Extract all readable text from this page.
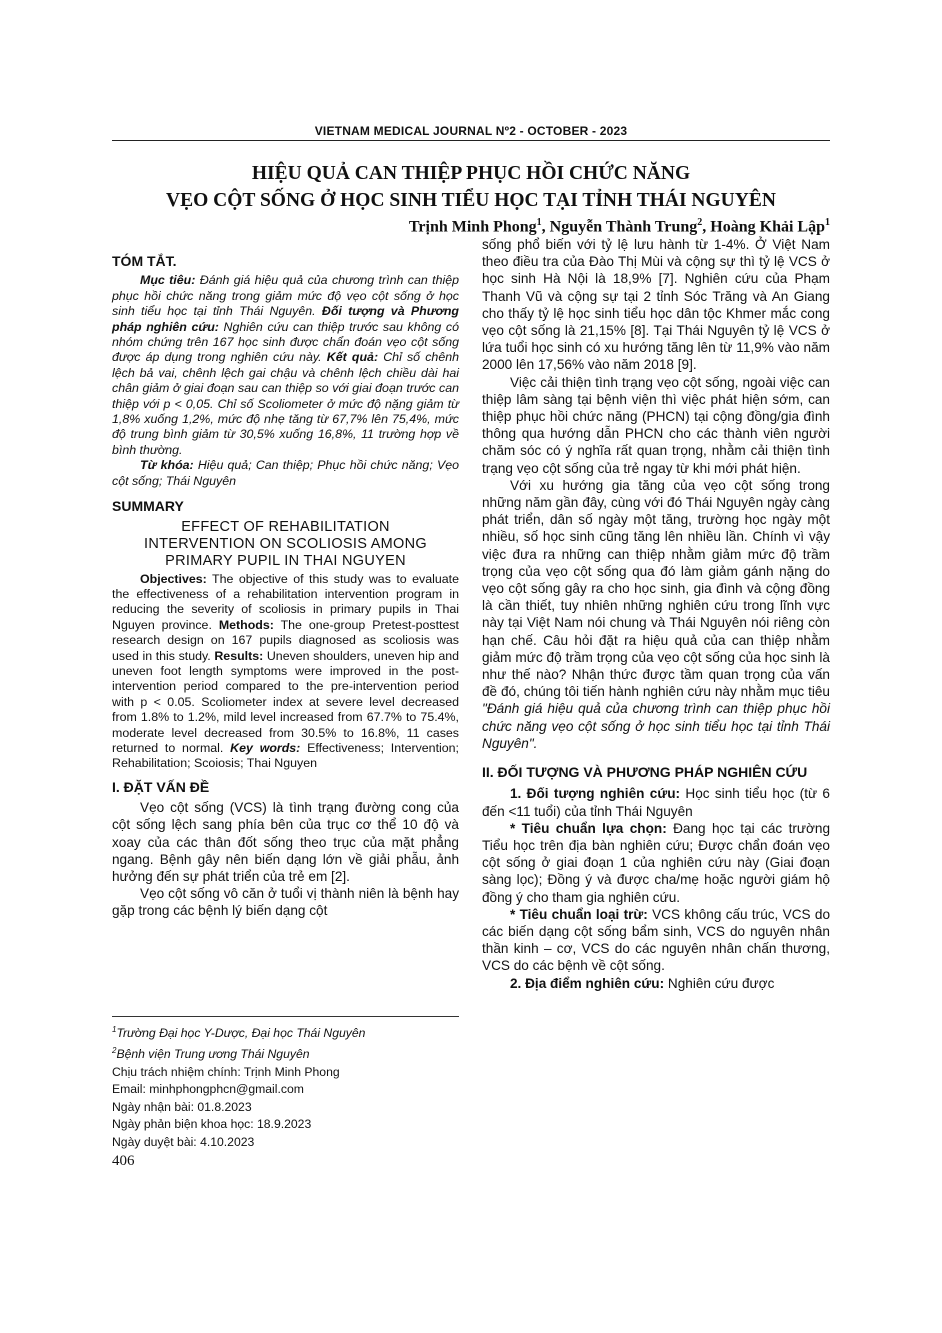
VIETNAM MEDICAL JOURNAL Nº2 - OCTOBER - 2023
HIỆU QUẢ CAN THIỆP PHỤC HỒI CHỨC NĂNG
VẸO CỘT SỐNG Ở HỌC SINH TIỂU HỌC TẠI TỈNH THÁI NGUYÊN
Trịnh Minh Phong$^1$, Nguyễn Thành Trung$^2$, Hoàng Khải Lập$^1$
TÓM TẮT.

Mục tiêu: Đánh giá hiệu quả của chương trình can thiệp phục hồi chức năng trong giảm mức độ vẹo cột sống ở học sinh tiểu học tại tỉnh Thái Nguyên. Đối tượng và Phương pháp nghiên cứu: Nghiên cứu can thiệp trước sau không có nhóm chứng trên 167 học sinh được chẩn đoán vẹo cột sống được áp dụng trong nghiên cứu này. Kết quả: Chỉ số chênh lệch bả vai, chênh lệch gai chậu và chênh lệch chiều dài hai chân giảm ở giai đoạn sau can thiệp so với giai đoạn trước can thiệp với p < 0,05. Chỉ số Scoliometer ở mức độ nặng giảm từ 1,8% xuống 1,2%, mức độ nhẹ tăng từ 67,7% lên 75,4%, mức độ trung bình giảm từ 30,5% xuống 16,8%, 11 trường hợp về bình thường.

Từ khóa: Hiệu quả; Can thiệp; Phục hồi chức năng; Vẹo cột sống; Thái Nguyên

SUMMARY
EFFECT OF REHABILITATION
INTERVENTION ON SCOLIOSIS AMONG
PRIMARY PUPIL IN THAI NGUYEN

Objectives: The objective of this study was to evaluate the effectiveness of a rehabilitation intervention program in reducing the severity of scoliosis in primary pupils in Thai Nguyen province. Methods: The one-group Pretest-posttest research design on 167 pupils diagnosed as scoliosis was used in this study. Results: Uneven shoulders, uneven hip and uneven foot length symptoms were improved in the post-intervention period compared to the pre-intervention period with p < 0.05. Scoliometer index at severe level decreased from 1.8% to 1.2%, mild level increased from 67.7% to 75.4%, moderate level decreased from 30.5% to 16.8%, 11 cases returned to normal. Key words: Effectiveness; Intervention; Rehabilitation; Scoiosis; Thai Nguyen

I. ĐẶT VẤN ĐỀ

Vẹo cột sống (VCS) là tình trạng đường cong của cột sống lệch sang phía bên của trục cơ thể 10 độ và xoay của các thân đốt sống theo trục của mặt phẳng ngang. Bệnh gây nên biến dạng lớn về giải phẫu, ảnh hưởng đến sự phát triển của trẻ em [2].

Vẹo cột sống vô căn ở tuổi vị thành niên là bệnh hay gặp trong các bệnh lý biến dạng cột

$^1$Trường Đại học Y-Dược, Đại học Thái Nguyên
$^2$Bệnh viện Trung ương Thái Nguyên
Chịu trách nhiệm chính: Trịnh Minh Phong
Email: minhphongphcn@gmail.com
Ngày nhận bài: 01.8.2023
Ngày phản biện khoa học: 18.9.2023
Ngày duyệt bài: 4.10.2023
406

sống phổ biến với tỷ lệ lưu hành từ 1-4%. Ở Việt Nam theo điều tra của Đào Thị Mùi và cộng sự thì tỷ lệ VCS ở học sinh Hà Nội là 18,9% [7]. Nghiên cứu của Phạm Thanh Vũ và cộng sự tại 2 tỉnh Sóc Trăng và An Giang cho thấy tỷ lệ học sinh tiểu học dân tộc Khmer mắc cong vẹo cột sống là 21,15% [8]. Tại Thái Nguyên tỷ lệ VCS ở lứa tuổi học sinh có xu hướng tăng lên từ 11,9% vào năm 2000 lên 17,56% vào năm 2018 [9].

Việc cải thiện tình trạng vẹo cột sống, ngoài việc can thiệp lâm sàng tại bệnh viện thì việc phát hiện sớm, can thiệp phục hồi chức năng (PHCN) tại cộng đồng/gia đình thông qua hướng dẫn PHCN cho các thành viên người chăm sóc có ý nghĩa rất quan trọng, nhằm cải thiện tình trạng vẹo cột sống của trẻ ngay từ khi mới phát hiện.

Với xu hướng gia tăng của vẹo cột sống trong những năm gần đây, cùng với đó Thái Nguyên ngày càng phát triển, dân số ngày một tăng, trường học ngày một nhiều, số học sinh cũng tăng lên nhiều lần. Chính vì vậy việc đưa ra những can thiệp nhằm giảm mức độ trầm trọng của vẹo cột sống qua đó làm giảm gánh nặng do vẹo cột sống gây ra cho học sinh, gia đình và cộng đồng là cần thiết, tuy nhiên những nghiên cứu trong lĩnh vực này tại Việt Nam nói chung và Thái Nguyên nói riêng còn hạn chế. Câu hỏi đặt ra hiệu quả của can thiệp nhằm giảm mức độ trầm trọng của vẹo cột sống của học sinh là như thế nào? Nhận thức được tầm quan trọng của vấn đề đó, chúng tôi tiến hành nghiên cứu này nhằm mục tiêu "Đánh giá hiệu quả của chương trình can thiệp phục hồi chức năng vẹo cột sống ở học sinh tiểu học tại tỉnh Thái Nguyên".

II. ĐỐI TƯỢNG VÀ PHƯƠNG PHÁP NGHIÊN CỨU

1. Đối tượng nghiên cứu: Học sinh tiểu học (từ 6 đến <11 tuổi) của tỉnh Thái Nguyên

* Tiêu chuẩn lựa chọn: Đang học tại các trường Tiểu học trên địa bàn nghiên cứu; Được chẩn đoán vẹo cột sống ở giai đoạn 1 của nghiên cứu này (Giai đoạn sàng lọc); Đồng ý và được cha/mẹ hoặc người giám hộ đồng ý cho tham gia nghiên cứu.

* Tiêu chuẩn loại trừ: VCS không cấu trúc, VCS do các biến dạng cột sống bẩm sinh, VCS do nguyên nhân thần kinh – cơ, VCS do các nguyên nhân chấn thương, VCS do các bệnh về cột sống.

2. Địa điểm nghiên cứu: Nghiên cứu được
